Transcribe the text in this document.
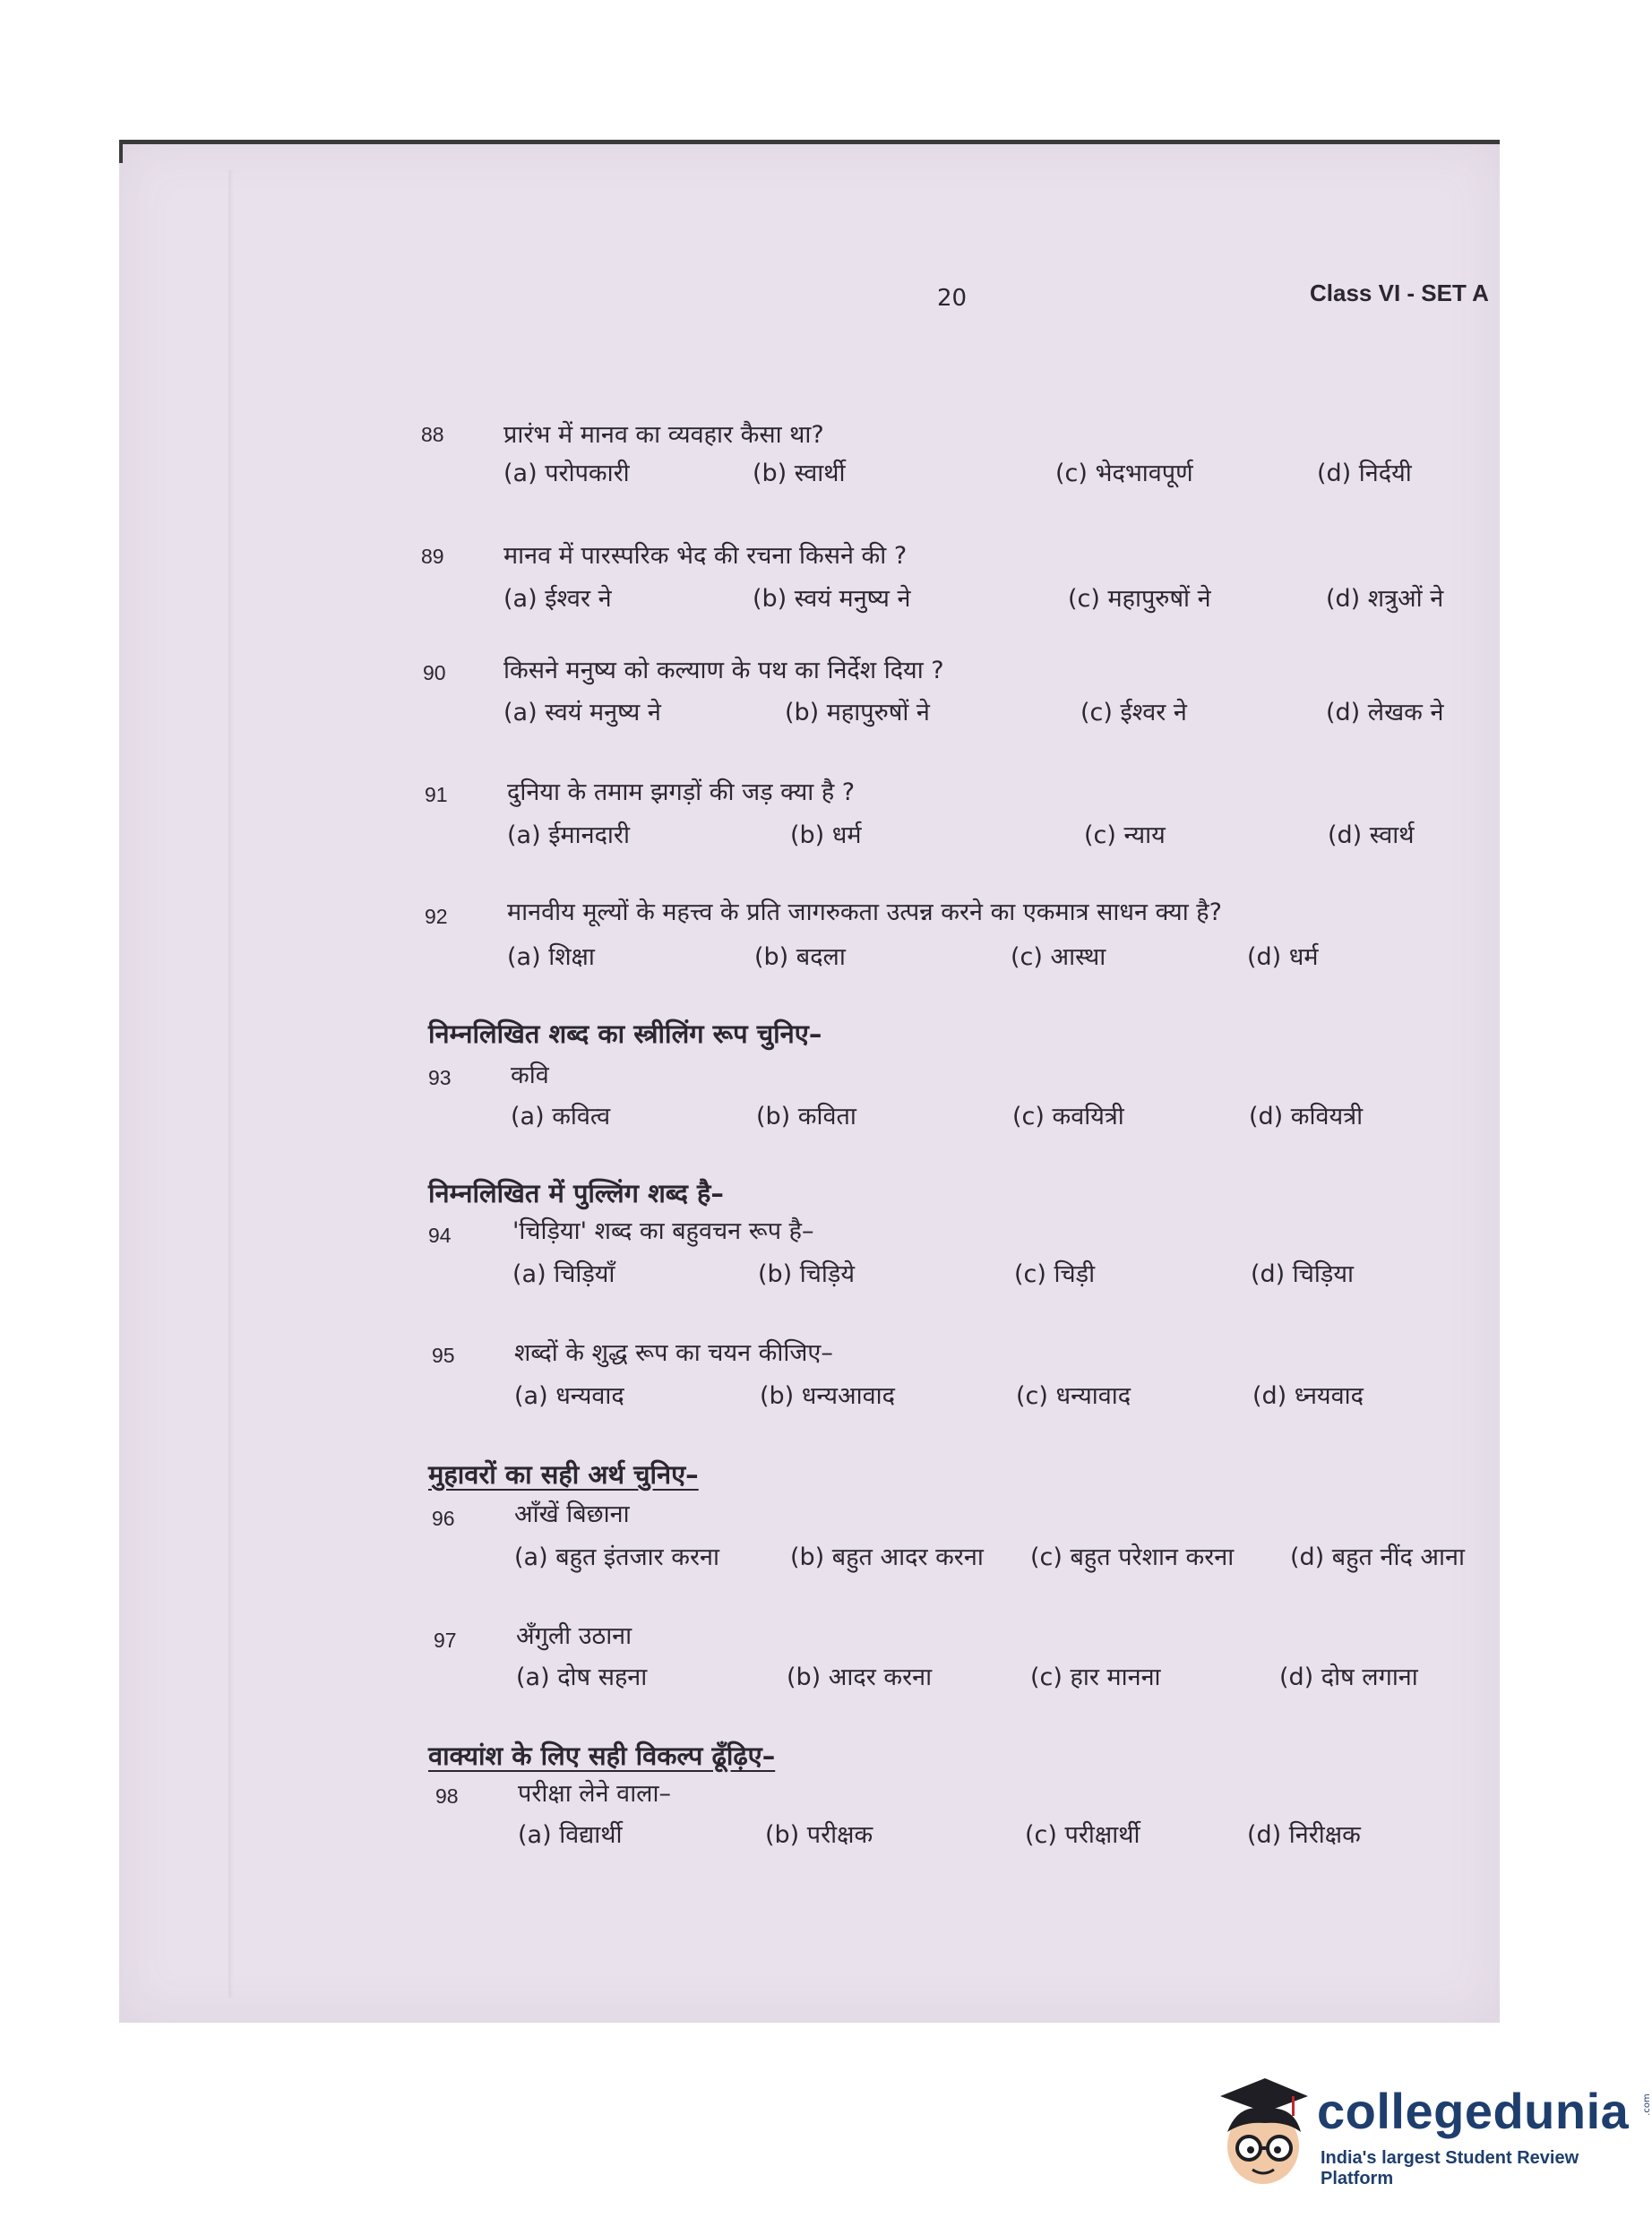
20	Class VI - SET A
88 प्रारंभ में मानव का व्यवहार कैसा था?
(a) परोपकारी	(b) स्वार्थी	(c) भेदभावपूर्ण	(d) निर्दयी
89 मानव में पारस्परिक भेद की रचना किसने की ?
(a) ईश्वर ने	(b) स्वयं मनुष्य ने	(c) महापुरुषों ने	(d) शत्रुओं ने
90 किसने मनुष्य को कल्याण के पथ का निर्देश दिया ?
(a) स्वयं मनुष्य ने	(b) महापुरुषों ने	(c) ईश्वर ने	(d) लेखक ने
91 दुनिया के तमाम झगड़ों की जड़ क्या है ?
(a) ईमानदारी	(b) धर्म	(c) न्याय	(d) स्वार्थ
92 मानवीय मूल्यों के महत्त्व के प्रति जागरुकता उत्पन्न करने का एकमात्र साधन क्या है?
(a) शिक्षा	(b) बदला	(c) आस्था	(d) धर्म
निम्नलिखित शब्द का स्त्रीलिंग रूप चुनिए–
93 कवि
(a) कवित्व	(b) कविता	(c) कवयित्री	(d) कवियत्री
निम्नलिखित में पुल्लिंग शब्द है–
94	'चिड़िया' शब्द का बहुवचन रूप है–
(a) चिड़ियाँ	(b) चिड़िये	(c) चिड़ी	(d) चिड़िया
95 शब्दों के शुद्ध रूप का चयन कीजिए–
(a) धन्यवाद	(b) धन्यआवाद	(c) धन्यावाद	(d) ध्नयवाद
मुहावरों का सही अर्थ चुनिए–
96 आँखें बिछाना
(a) बहुत इंतजार करना	(b) बहुत आदर करना (c) बहुत परेशान करना (d) बहुत नींद आना
97 अँगुली उठाना
(a) दोष सहना	(b) आदर करना	(c) हार मानना	(d) दोष लगाना
वाक्यांश के लिए सही विकल्प ढूँढ़िए–
98 परीक्षा लेने वाला–
(a) विद्यार्थी	(b) परीक्षक	(c) परीक्षार्थी	(d) निरीक्षक
collegedunia .com
India's largest Student Review Platform
